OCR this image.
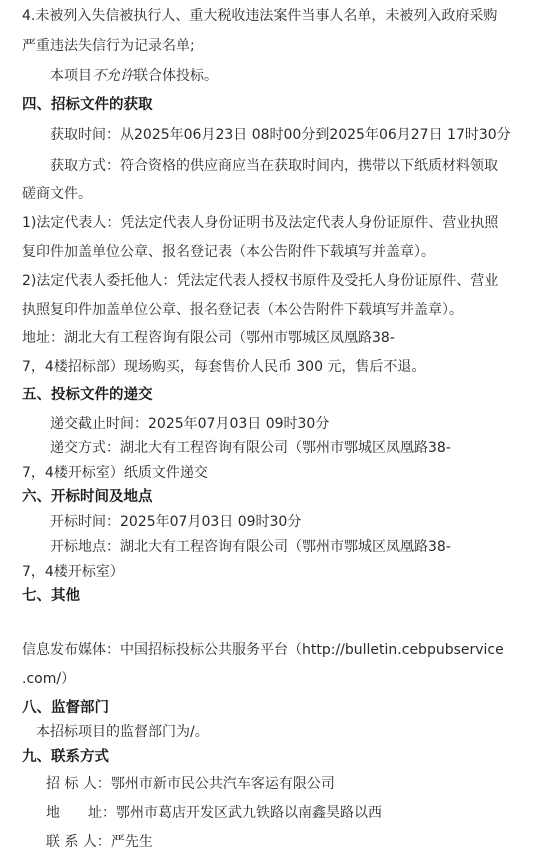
4.未被列入失信被执行人、重大税收违法案件当事人名单，未被列入政府采购
严重违法失信行为记录名单;
本项目不允许联合体投标。
四、招标文件的获取
获取时间：从2025年06月23日 08时00分到2025年06月27日 17时30分
获取方式：符合资格的供应商应当在获取时间内，携带以下纸质材料领取
磋商文件。
1)法定代表人：凭法定代表人身份证明书及法定代表人身份证原件、营业执照
复印件加盖单位公章、报名登记表（本公告附件下载填写并盖章）。
2)法定代表人委托他人：凭法定代表人授权书原件及受托人身份证原件、营业
执照复印件加盖单位公章、报名登记表（本公告附件下载填写并盖章）。
地址：湖北大有工程咨询有限公司（鄂州市鄂城区凤凰路38-
7，4楼招标部）现场购买，每套售价人民币 300 元，售后不退。
五、投标文件的递交
递交截止时间：2025年07月03日 09时30分
递交方式：湖北大有工程咨询有限公司（鄂州市鄂城区凤凰路38-
7，4楼开标室）纸质文件递交
六、开标时间及地点
开标时间：2025年07月03日 09时30分
开标地点：湖北大有工程咨询有限公司（鄂州市鄂城区凤凰路38-
7，4楼开标室）
七、其他
信息发布媒体：中国招标投标公共服务平台（http://bulletin.cebpubservice
.com/）
八、监督部门
本招标项目的监督部门为/。
九、联系方式
招 标 人：鄂州市新市民公共汽车客运有限公司
地　　址：鄂州市葛店开发区武九铁路以南鑫昊路以西
联 系 人：严先生
